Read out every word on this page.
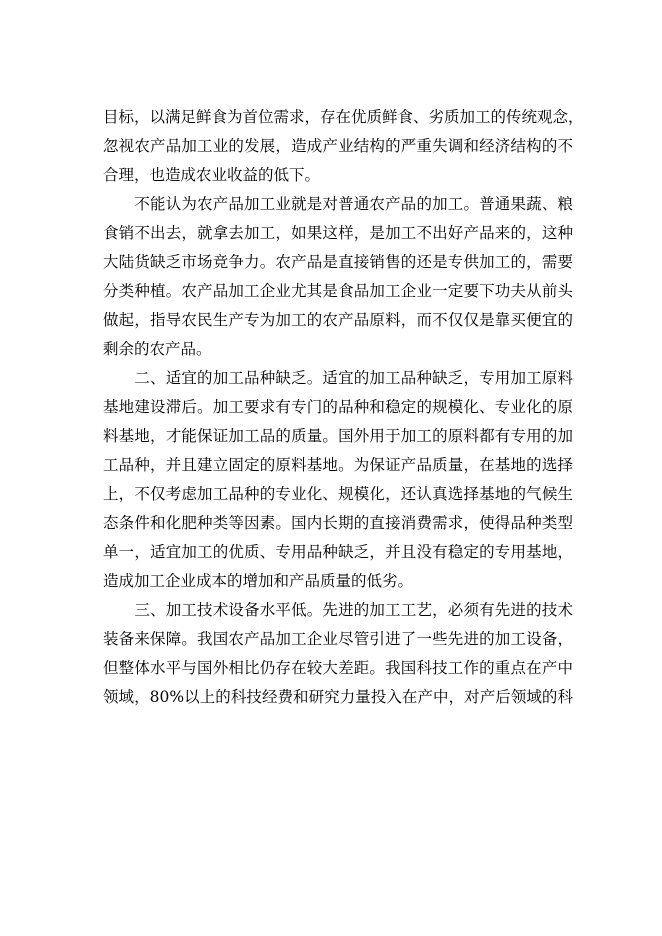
目标，以满足鲜食为首位需求，存在优质鲜食、劣质加工的传统观念，
忽视农产品加工业的发展，造成产业结构的严重失调和经济结构的不
合理，也造成农业收益的低下。
　　不能认为农产品加工业就是对普通农产品的加工。普通果蔬、粮
食销不出去，就拿去加工，如果这样，是加工不出好产品来的，这种
大陆货缺乏市场竞争力。农产品是直接销售的还是专供加工的，需要
分类种植。农产品加工企业尤其是食品加工企业一定要下功夫从前头
做起，指导农民生产专为加工的农产品原料，而不仅仅是靠买便宜的
剩余的农产品。
　　二、适宜的加工品种缺乏。适宜的加工品种缺乏，专用加工原料
基地建设滞后。加工要求有专门的品种和稳定的规模化、专业化的原
料基地，才能保证加工品的质量。国外用于加工的原料都有专用的加
工品种，并且建立固定的原料基地。为保证产品质量，在基地的选择
上，不仅考虑加工品种的专业化、规模化，还认真选择基地的气候生
态条件和化肥种类等因素。国内长期的直接消费需求，使得品种类型
单一，适宜加工的优质、专用品种缺乏，并且没有稳定的专用基地，
造成加工企业成本的增加和产品质量的低劣。
　　三、加工技术设备水平低。先进的加工工艺，必须有先进的技术
装备来保障。我国农产品加工企业尽管引进了一些先进的加工设备，
但整体水平与国外相比仍存在较大差距。我国科技工作的重点在产中
领域，80%以上的科技经费和研究力量投入在产中，对产后领域的科
